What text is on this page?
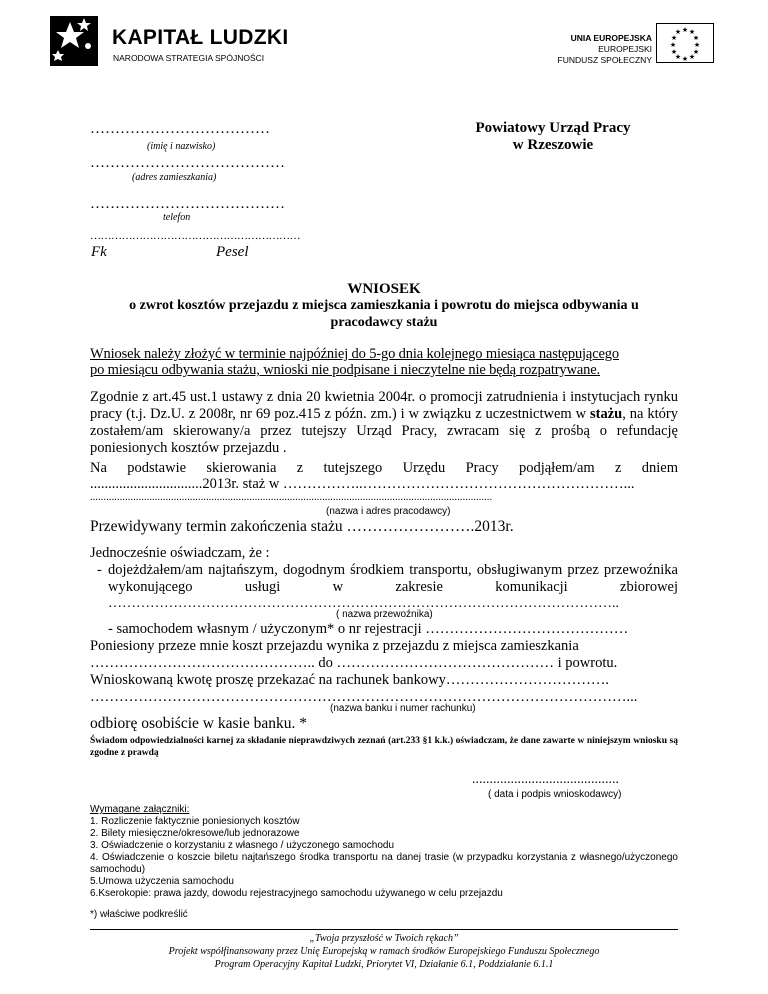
KAPITAŁ LUDZKI
NARODOWA STRATEGIA SPÓJNOŚCI
UNIA EUROPEJSKA
EUROPEJSKI
FUNDUSZ SPOŁECZNY
★ ★
★
★
★
★
★
★
★
★
★
★
………………………………
(imię i nazwisko)
…………………………………
(adres zamieszkania)
…………………………………
telefon
……………………………………………………
Fk	Pesel
Powiatowy Urząd Pracy
w Rzeszowie
WNIOSEK
o zwrot kosztów przejazdu z miejsca zamieszkania i powrotu do miejsca odbywania u
pracodawcy stażu
Wniosek należy złożyć w terminie najpóźniej do 5-go dnia kolejnego miesiąca następującego
po miesiącu odbywania stażu, wnioski nie podpisane i nieczytelne nie będą rozpatrywane.
Zgodnie z art.45 ust.1 ustawy z dnia 20 kwietnia 2004r. o promocji zatrudnienia i instytucjach rynku pracy (t.j. Dz.U. z 2008r, nr 69 poz.415 z późn. zm.) i w związku z uczestnictwem w stażu, na który zostałem/am skierowany/a przez tutejszy Urząd Pracy, zwracam się z prośbą o refundację poniesionych kosztów przejazdu .
Na podstawie skierowania z tutejszego Urzędu Pracy podjąłem/am z dniem
...............................2013r. staż w ……………..………………………………………………...
.....................................................................................................................................................
(nazwa i adres pracodawcy)
Przewidywany termin zakończenia stażu …………………….2013r.
Jednocześnie oświadczam, że :
- dojeżdżałem/am najtańszym, dogodnym środkiem transportu, obsługiwanym przez przewoźnika wykonującego usługi w zakresie komunikacji zbiorowej
………………………………………………………………………………………………..
( nazwa przewoźnika)
- samochodem własnym / użyczonym* o nr rejestracji ……………………………………
Poniesiony przeze mnie koszt przejazdu wynika z przejazdu z miejsca zamieszkania
……………………………………….. do ……………………………………… i powrotu.
Wnioskowaną kwotę proszę przekazać na rachunek bankowy…………………………….
…………………………………………………………………………………………………...
(nazwa banku i numer rachunku)
odbiorę osobiście w kasie banku. *
Świadom odpowiedzialności karnej za składanie nieprawdziwych zeznań (art.233 §1 k.k.) oświadczam, że dane zawarte w niniejszym wniosku są zgodne z prawdą
..........................................
( data i podpis wnioskodawcy)
Wymagane załączniki:
1. Rozliczenie faktycznie poniesionych kosztów
2. Bilety miesięczne/okresowe/lub jednorazowe
3. Oświadczenie o korzystaniu z własnego / użyczonego samochodu
4. Oświadczenie o koszcie biletu najtańszego środka transportu na danej trasie (w przypadku korzystania z własnego/użyczonego samochodu)
5.Umowa użyczenia samochodu
6.Kserokopie: prawa jazdy, dowodu rejestracyjnego samochodu używanego w celu przejazdu
*) właściwe podkreślić
„Twoja przyszłość w Twoich rękach”
Projekt współfinansowany przez Unię Europejską w ramach środków Europejskiego Funduszu Społecznego
Program Operacyjny Kapitał Ludzki, Priorytet VI, Działanie 6.1, Poddziałanie 6.1.1
